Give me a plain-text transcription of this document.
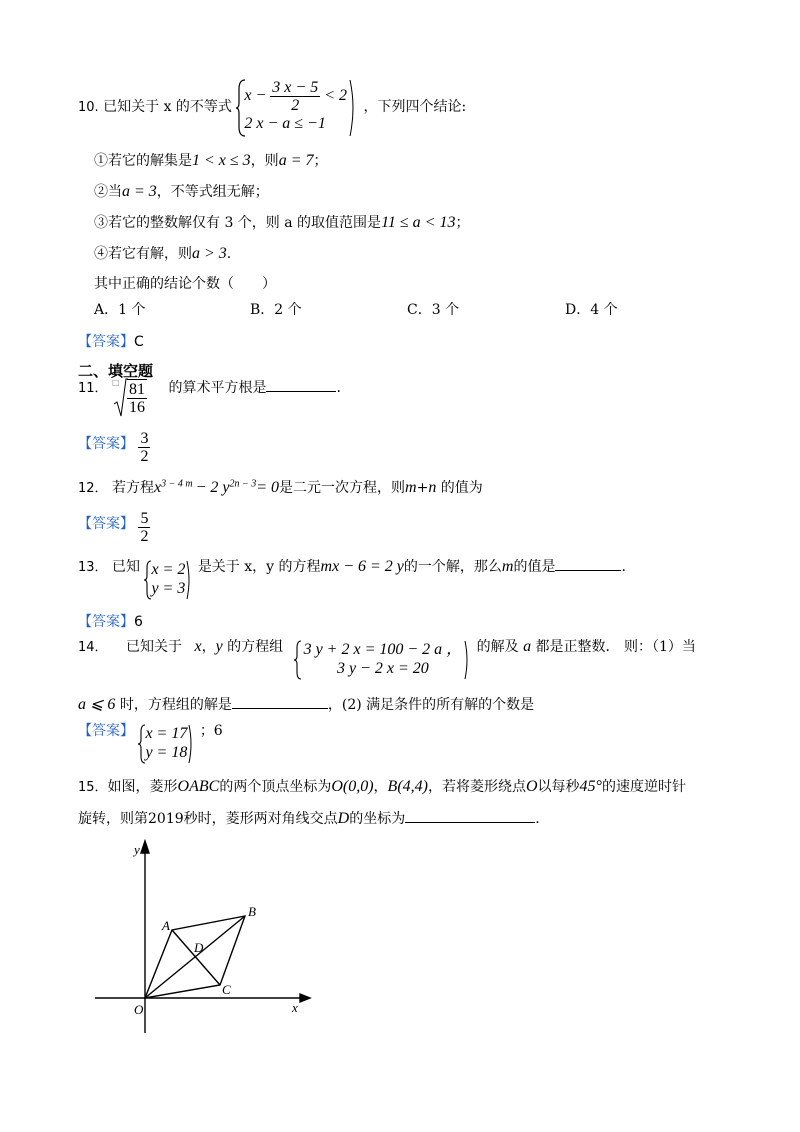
10. 已知关于 x 的不等式
$x - \frac{3 x - 5}{2} < 2$
2 x − a ≤ −1
，下列四个结论:
①若它的解集是1 < x ≤ 3，则a = 7；
②当a = 3，不等式组无解；
③若它的整数解仅有 3 个，则 a 的取值范围是11 ≤ a < 13；
④若它有解，则a > 3.
其中正确的结论个数（　　）
A．1 个	B．2 个	C．3 个	D．4 个
【答案】C
二、填空题
11． □ $\frac{81}{16}$ 的算术平方根是	.
【答案】 $\frac{3}{2}$
12． 若方程$x^{3 - 4 m} - 2$ $y^{2n - 3}= 0$是二元一次方程，则m+n 的值为
【答案】 $\frac{5}{2}$
13． 已知 x = 2
y = 3
是关于 x，y 的方程mx − 6 = 2 y的一个解，那么m的值是	.
【答案】6
14． 已知关于 x，y 的方程组 3 y + 2 x = 100 − 2 a ，
3 y − 2 x = 20
的解及 a 都是正整数． 则：（1）当
a ⩽ 6 时，方程组的解是	，(2) 满足条件的所有解的个数是
【答案】 x = 17
y = 18
；6
15．如图，菱形OABC的两个顶点坐标为O(0,0)，B(4,4)，若将菱形绕点O以每秒45°的速度逆时针
旋转，则第2019秒时，菱形两对角线交点D的坐标为	.
y
x
O
A
B
C
D
